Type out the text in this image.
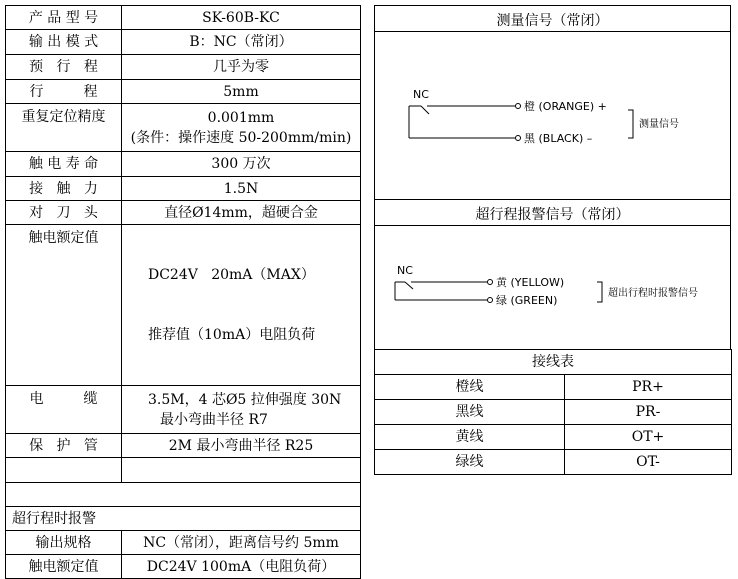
产 品 型 号	SK-60B-KC
输 出 模 式	B：NC（常闭）
预   行   程	几乎为零
行         程	5mm
重复定位精度	0.001mm
(条件：操作速度 50-200mm/min)

触 电 寿 命	300 万次
接   触   力	1.5N
对   刀   头	直径Ø14mm，超硬合金
触电额定值	DC24V   20mA（MAX）

推荐值（10mA）电阻负荷

电         缆	3.5M，4 芯Ø5 拉伸强度 30N
最小弯曲半径 R7

保   护   管	2M 最小弯曲半径 R25

超行程时报警	
输出规格	NC（常闭），距离信号约 5mm
触电额定值	DC24V 100mA（电阻负荷）
测量信号（常闭）
NC
橙 (ORANGE) +
黑 (BLACK) –
测量信号
超行程报警信号（常闭）
NC
黄 (YELLOW)
绿 (GREEN)
超出行程时报警信号
接线表	
橙线	PR+
黑线	PR-
黄线	OT+
绿线	OT-
